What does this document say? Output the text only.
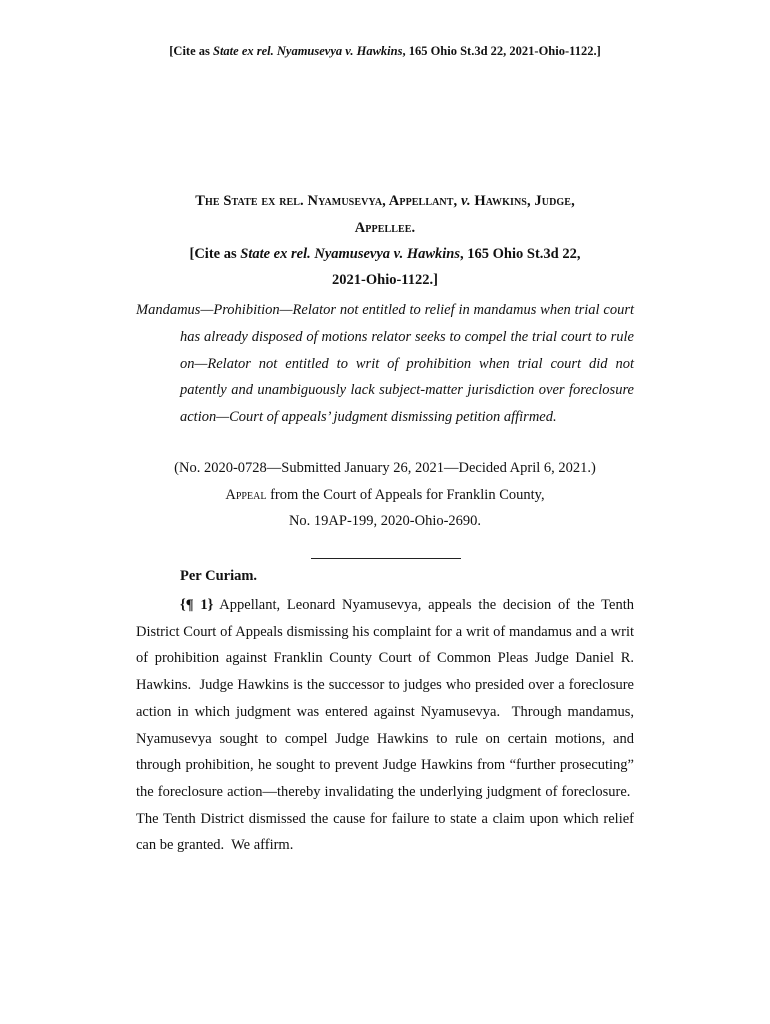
[Cite as State ex rel. Nyamusevya v. Hawkins, 165 Ohio St.3d 22, 2021-Ohio-1122.]
The State ex rel. Nyamusevya, Appellant, v. Hawkins, Judge,
Appellee.
[Cite as State ex rel. Nyamusevya v. Hawkins, 165 Ohio St.3d 22,
2021-Ohio-1122.]
Mandamus—Prohibition—Relator not entitled to relief in mandamus when trial court has already disposed of motions relator seeks to compel the trial court to rule on—Relator not entitled to writ of prohibition when trial court did not patently and unambiguously lack subject-matter jurisdiction over foreclosure action—Court of appeals’ judgment dismissing petition affirmed.
(No. 2020-0728—Submitted January 26, 2021—Decided April 6, 2021.)
Appeal from the Court of Appeals for Franklin County,
No. 19AP-199, 2020-Ohio-2690.
Per Curiam.

{¶ 1} Appellant, Leonard Nyamusevya, appeals the decision of the Tenth District Court of Appeals dismissing his complaint for a writ of mandamus and a writ of prohibition against Franklin County Court of Common Pleas Judge Daniel R. Hawkins.  Judge Hawkins is the successor to judges who presided over a foreclosure action in which judgment was entered against Nyamusevya.  Through mandamus, Nyamusevya sought to compel Judge Hawkins to rule on certain motions, and through prohibition, he sought to prevent Judge Hawkins from “further prosecuting” the foreclosure action—thereby invalidating the underlying judgment of foreclosure.  The Tenth District dismissed the cause for failure to state a claim upon which relief can be granted.  We affirm.
